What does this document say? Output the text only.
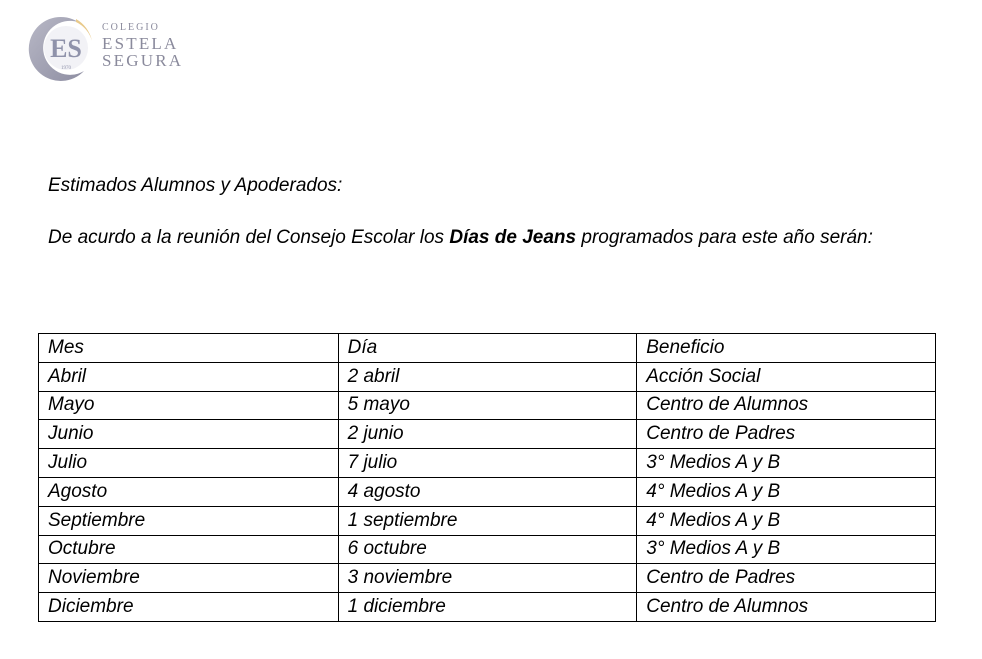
ES
1970
COLEGIO
ESTELA
SEGURA
Estimados Alumnos y Apoderados:
De acurdo a la reunión del Consejo Escolar los Días de Jeans programados para este año serán:
Mes	Día	Beneficio
Abril	2 abril	Acción Social
Mayo	5 mayo	Centro de Alumnos
Junio	2 junio	Centro de Padres
Julio	7 julio	3° Medios A y B
Agosto	4 agosto	4° Medios A y B
Septiembre	1 septiembre	4° Medios A y B
Octubre	6 octubre	3° Medios A y B
Noviembre	3 noviembre	Centro de Padres
Diciembre	1 diciembre	Centro de Alumnos
